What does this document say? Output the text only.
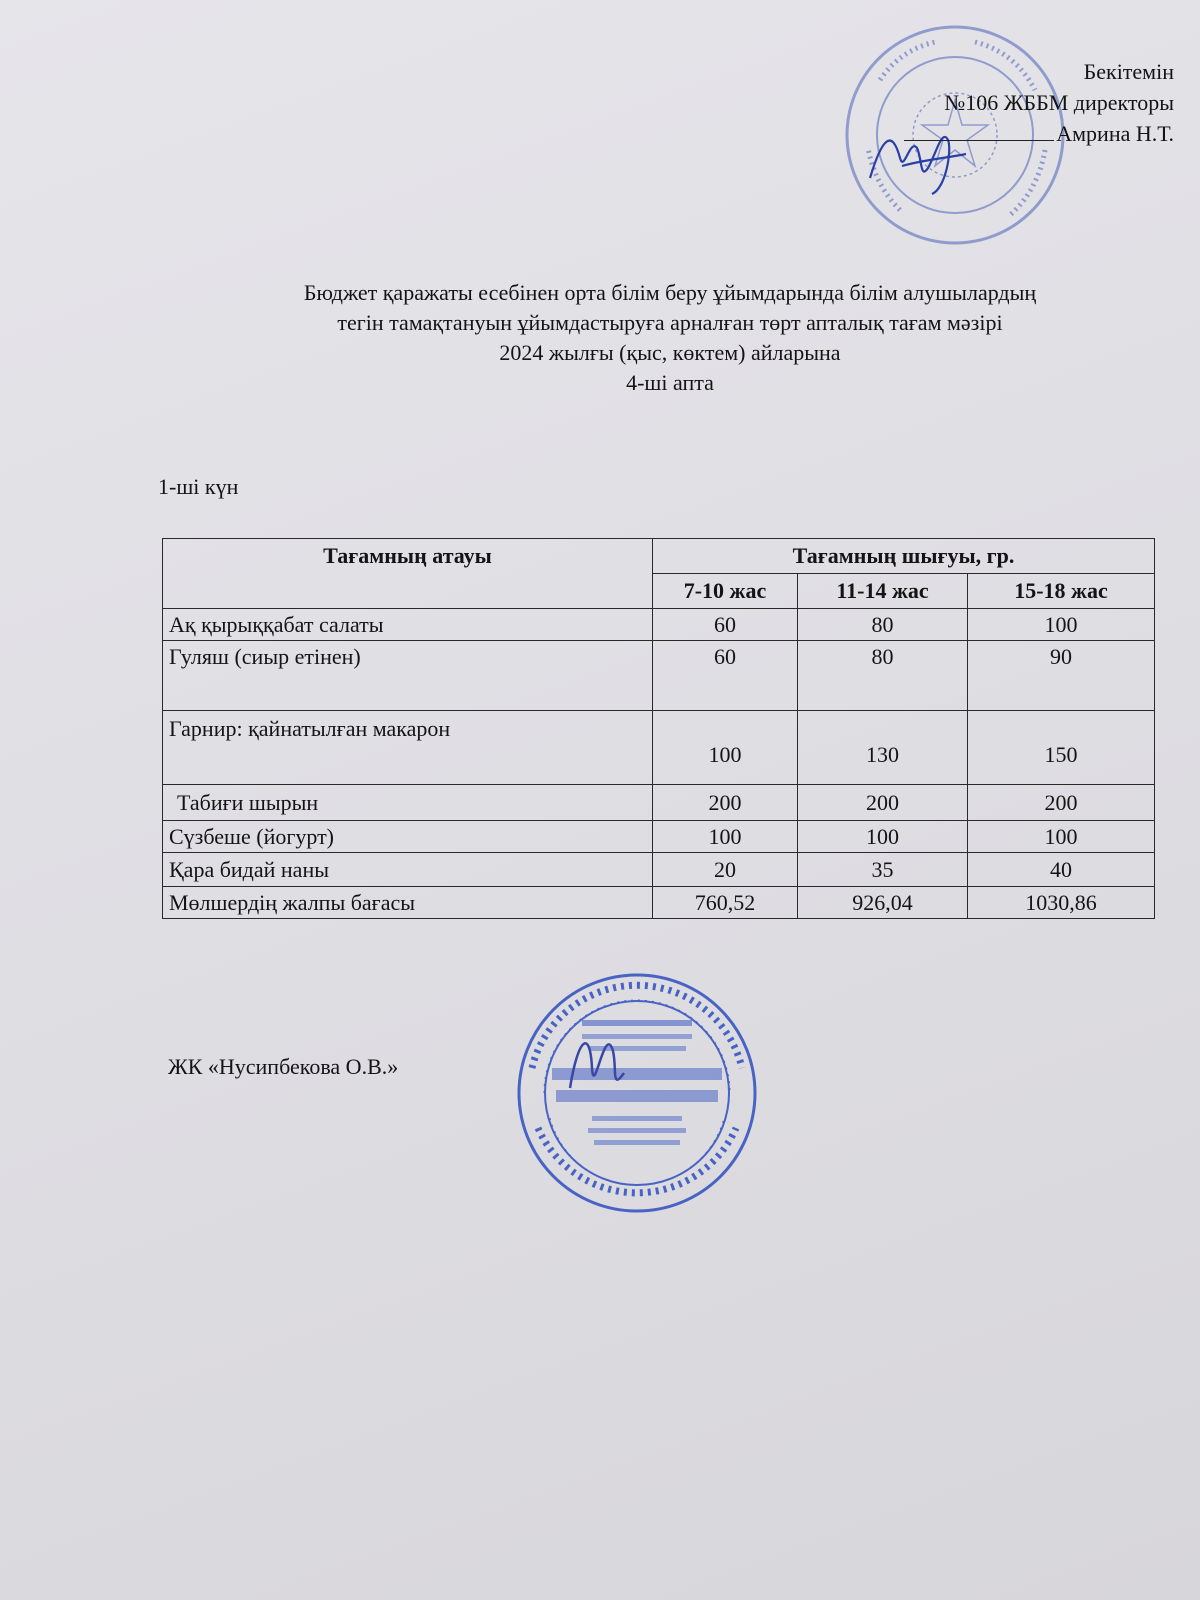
Бекітемін
№106 ЖББМ директоры
Амрина Н.Т.
Бюджет қаражаты есебінен орта білім беру ұйымдарында білім алушылардың
тегін тамақтануын ұйымдастыруға арналған төрт апталық тағам мәзірі
2024 жылғы (қыс, көктем) айларына
4-ші апта
1-ші күн
Тағамның атауы	Тағамның шығуы, гр.		
	7-10 жас	11-14 жас	15-18 жас
Ақ қырыққабат салаты	60	80	100
Гуляш (сиыр етінен)	60	80	90
Гарнир: қайнатылған макарон	100	130	150
Табиғи шырын	200	200	200
Сүзбеше (йогурт)	100	100	100
Қара бидай наны	20	35	40
Мөлшердің жалпы бағасы	760,52	926,04	1030,86
ЖК «Нусипбекова О.В.»
